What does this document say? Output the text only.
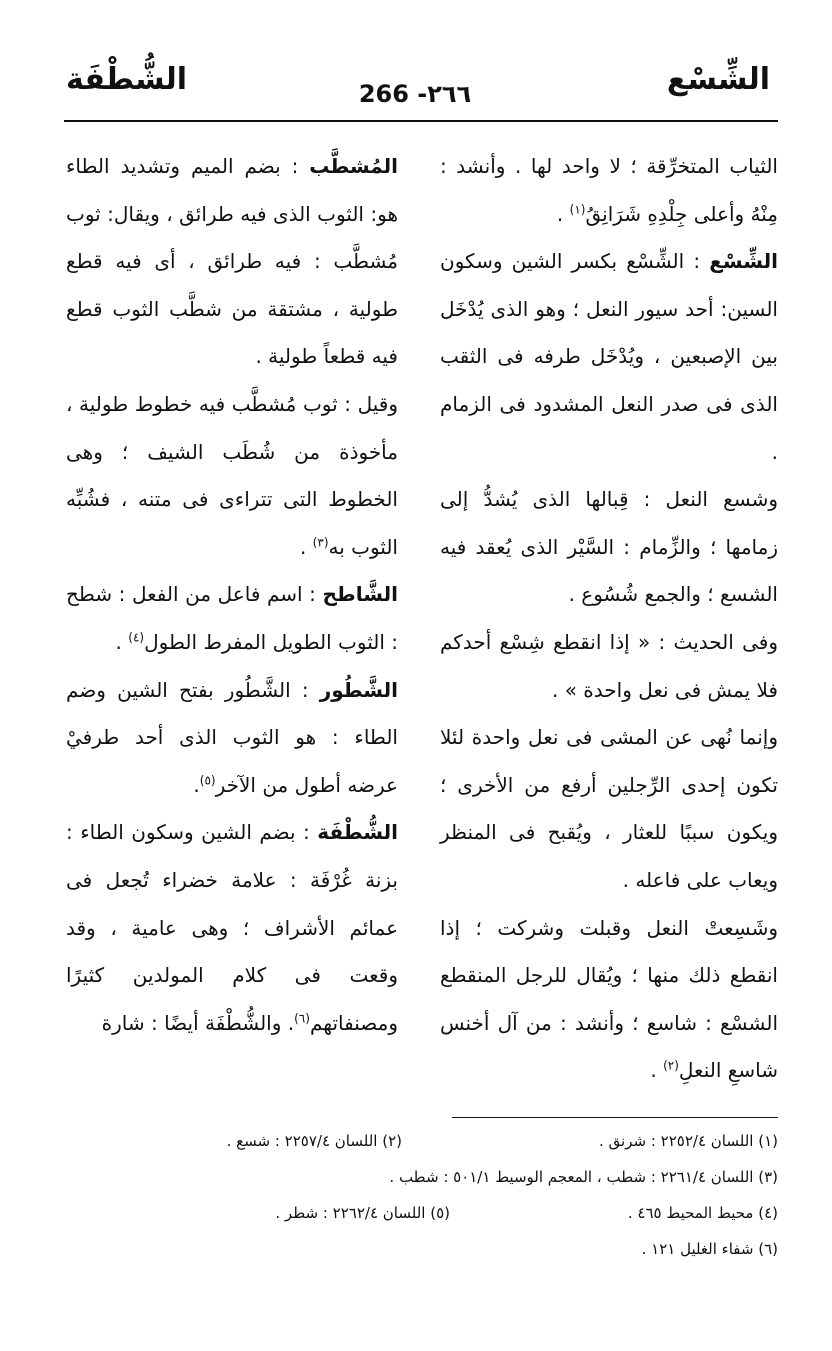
الشِّسْع
266 -٢٦٦
الشُّطْفَة

الثياب المتخرِّقة ؛ لا واحد لها . وأنشد : مِنْهُ وأعلى جِلْدِهِ شَرَانِقُ$^{(١)}$ .

الشِّسْع : الشِّسْع بكسر الشين وسكون السين: أحد سيور النعل ؛ وهو الذى يُدْخَل بين الإصبعين ، ويُدْخَل طرفه فى الثقب الذى فى صدر النعل المشدود فى الزمام .

وشسع النعل : قِبالها الذى يُشدُّ إلى زمامها ؛ والزِّمام : السَّيْر الذى يُعقد فيه الشسع ؛ والجمع شُسُوع .

وفى الحديث : « إذا انقطع شِسْع أحدكم فلا يمش فى نعل واحدة » .

وإنما نُهى عن المشى فى نعل واحدة لئلا تكون إحدى الرِّجلين أرفع من الأخرى ؛ ويكون سببًا للعثار ، ويُقبح فى المنظر ويعاب على فاعله .

وشَسِعتْ النعل وقبلت وشركت ؛ إذا انقطع ذلك منها ؛ ويُقال للرجل المنقطع الشسْع : شاسع ؛ وأنشد : من آل أخنس شاسعِ النعلِ$^{(٢)}$ .

المُشطَّب : بضم الميم وتشديد الطاء هو: الثوب الذى فيه طرائق ، ويقال: ثوب مُشطَّب : فيه طرائق ، أى فيه قطع طولية ، مشتقة من شطَّب الثوب قطع فيه قطعاً طولية .

وقيل : ثوب مُشطَّب فيه خطوط طولية ، مأخوذة من شُطَب الشيف ؛ وهى الخطوط التى تتراءى فى متنه ، فشُبِّه الثوب به$^{(٣)}$ .

الشَّاطح : اسم فاعل من الفعل : شطح : الثوب الطويل المفرط الطول$^{(٤)}$ .

الشَّطُور : الشَّطُور بفتح الشين وضم الطاء : هو الثوب الذى أحد طرفيْ عرضه أطول من الآخر$^{(٥)}$.

الشُّطْفَة : بضم الشين وسكون الطاء : بزنة غُرْفَة : علامة خضراء تُجعل فى عمائم الأشراف ؛ وهى عامية ، وقد وقعت فى كلام المولدين كثيرًا ومصنفاتهم$^{(٦)}$. والشُّطْفَة أيضًا : شارة

(١) اللسان ٢٢٥٢/٤ : شرنق .
(٢) اللسان ٢٢٥٧/٤ : شسع .
(٣) اللسان ٢٢٦١/٤ : شطب ، المعجم الوسيط ٥٠١/١ : شطب .
(٤) محيط المحيط ٤٦٥ .
(٥) اللسان ٢٢٦٢/٤ : شطر .
(٦) شفاء الغليل ١٢١ .
